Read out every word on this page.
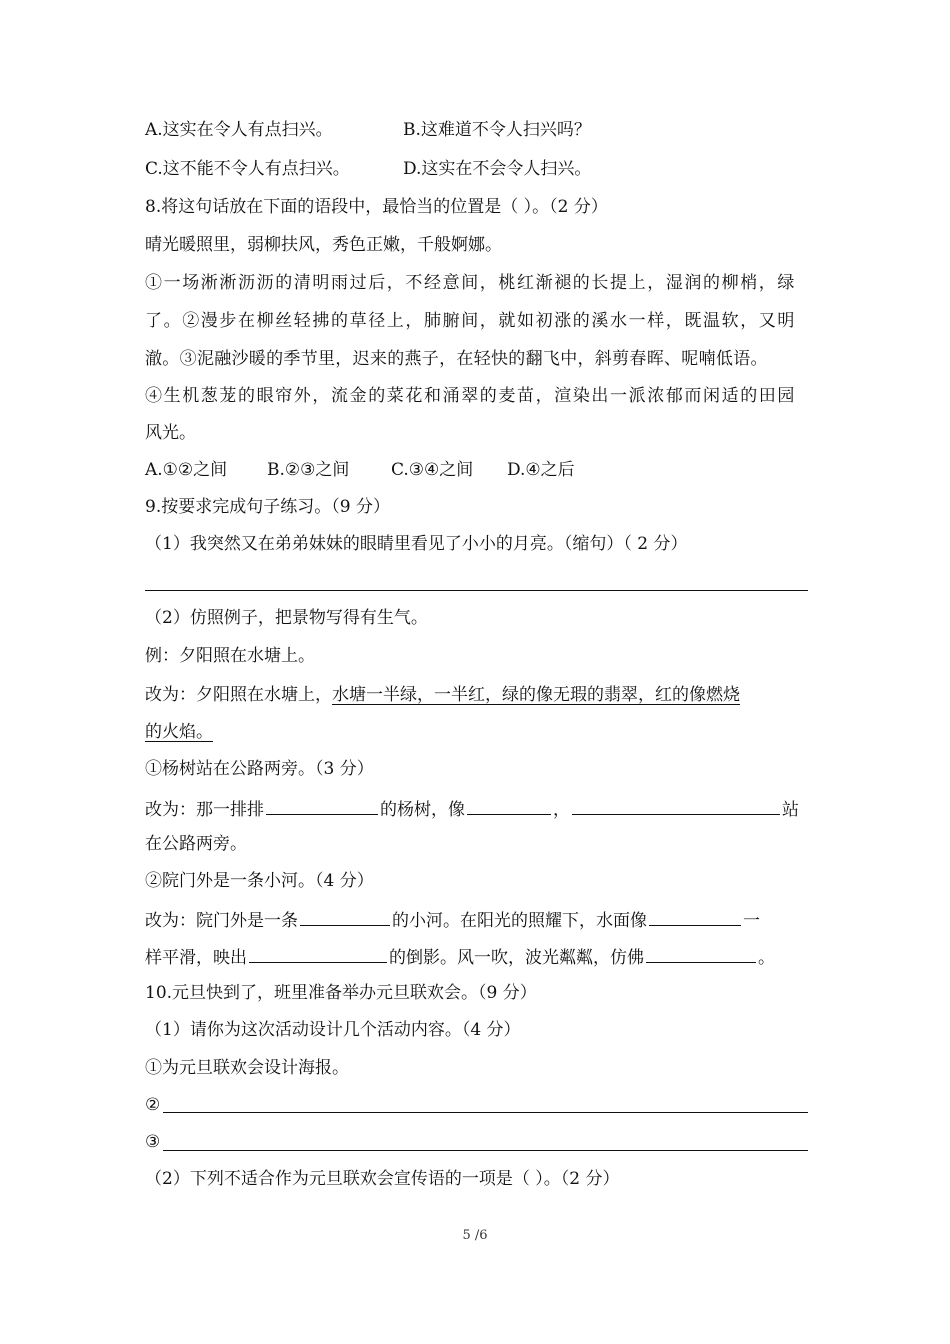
A.这实在令人有点扫兴。	B.这难道不令人扫兴吗？
C.这不能不令人有点扫兴。	D.这实在不会令人扫兴。
8.将这句话放在下面的语段中，最恰当的位置是（ ）。（2 分）
晴光暖照里，弱柳扶风，秀色正嫩，千般婀娜。
①一场淅淅沥沥的清明雨过后，不经意间，桃红渐褪的长提上，湿润的柳梢，绿
了。②漫步在柳丝轻拂的草径上，肺腑间，就如初涨的溪水一样，既温软，又明
澈。③泥融沙暖的季节里，迟来的燕子，在轻快的翻飞中，斜剪春晖、呢喃低语。
④生机葱茏的眼帘外，流金的菜花和涌翠的麦苗，渲染出一派浓郁而闲适的田园
风光。
A.①②之间 B.②③之间 C.③④之间 D.④之后
9.按要求完成句子练习。（9 分）
（1）我突然又在弟弟妹妹的眼睛里看见了小小的月亮。（缩句）（ 2 分）
（2）仿照例子，把景物写得有生气。
例：夕阳照在水塘上。
改为：夕阳照在水塘上，水塘一半绿，一半红，绿的像无瑕的翡翠，红的像燃烧
的火焰。
①杨树站在公路两旁。（3 分）
改为：那一排排	的杨树，像	，	站
在公路两旁。
②院门外是一条小河。（4 分）
改为：院门外是一条	的小河。在阳光的照耀下，水面像	一
样平滑，映出	的倒影。风一吹，波光粼粼，仿佛	。
10.元旦快到了，班里准备举办元旦联欢会。（9 分）
（1）请你为这次活动设计几个活动内容。（4 分）
①为元旦联欢会设计海报。
②
③
（2）下列不适合作为元旦联欢会宣传语的一项是（ ）。（2 分）
5 /6
